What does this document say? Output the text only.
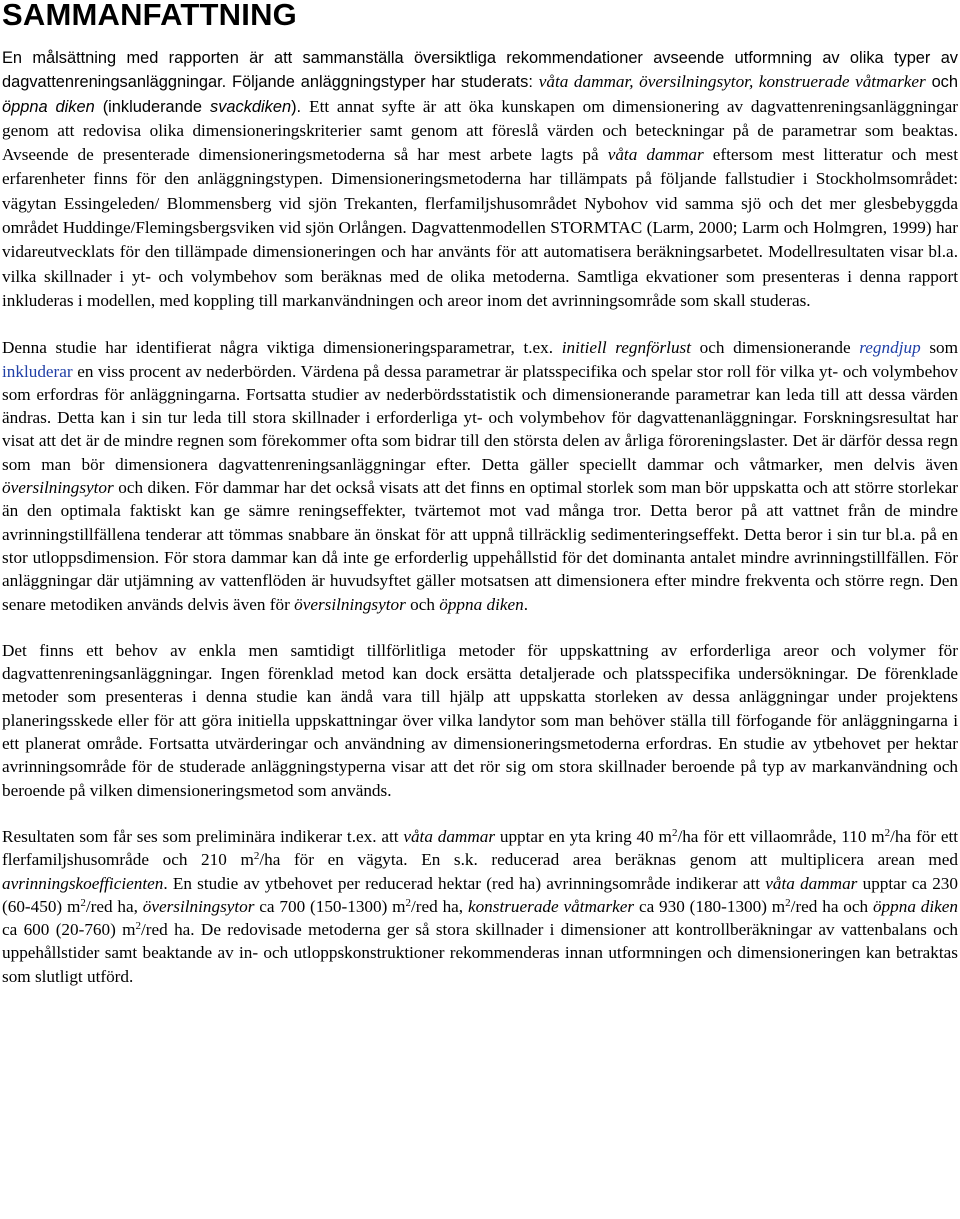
SAMMANFATTNING

En målsättning med rapporten är att sammanställa översiktliga rekommendationer avseende utformning av olika typer av dagvattenreningsanläggningar. Följande anläggningstyper har studerats: våta dammar, översilningsytor, konstruerade våtmarker och öppna diken (inkluderande svackdiken). Ett annat syfte är att öka kunskapen om dimensionering av dagvattenreningsanläggningar genom att redovisa olika dimensioneringskriterier samt genom att föreslå värden och beteckningar på de parametrar som beaktas. Avseende de presenterade dimensioneringsmetoderna så har mest arbete lagts på våta dammar eftersom mest litteratur och mest erfarenheter finns för den anläggningstypen. Dimensioneringsmetoderna har tillämpats på följande fallstudier i Stockholmsområdet: vägytan Essingeleden/ Blommensberg vid sjön Trekanten, flerfamiljshusområdet Nybohov vid samma sjö och det mer glesbebyggda området Huddinge/Flemingsbergsviken vid sjön Orlången. Dagvattenmodellen STORMTAC (Larm, 2000; Larm och Holmgren, 1999) har vidareutvecklats för den tillämpade dimensioneringen och har använts för att automatisera beräkningsarbetet. Modellresultaten visar bl.a. vilka skillnader i yt- och volymbehov som beräknas med de olika metoderna. Samtliga ekvationer som presenteras i denna rapport inkluderas i modellen, med koppling till markanvändningen och areor inom det avrinningsområde som skall studeras.

Denna studie har identifierat några viktiga dimensioneringsparametrar, t.ex. initiell regnförlust och dimensionerande regndjup som inkluderar en viss procent av nederbörden. Värdena på dessa parametrar är platsspecifika och spelar stor roll för vilka yt- och volymbehov som erfordras för anläggningarna. Fortsatta studier av nederbördsstatistik och dimensionerande parametrar kan leda till att dessa värden ändras. Detta kan i sin tur leda till stora skillnader i erforderliga yt- och volymbehov för dagvattenanläggningar. Forskningsresultat har visat att det är de mindre regnen som förekommer ofta som bidrar till den största delen av årliga föroreningslaster. Det är därför dessa regn som man bör dimensionera dagvattenreningsanläggningar efter. Detta gäller speciellt dammar och våtmarker, men delvis även översilningsytor och diken. För dammar har det också visats att det finns en optimal storlek som man bör uppskatta och att större storlekar än den optimala faktiskt kan ge sämre reningseffekter, tvärtemot mot vad många tror. Detta beror på att vattnet från de mindre avrinningstillfällena tenderar att tömmas snabbare än önskat för att uppnå tillräcklig sedimenteringseffekt. Detta beror i sin tur bl.a. på en stor utloppsdimension. För stora dammar kan då inte ge erforderlig uppehållstid för det dominanta antalet mindre avrinningstillfällen. För anläggningar där utjämning av vattenflöden är huvudsyftet gäller motsatsen att dimensionera efter mindre frekventa och större regn. Den senare metodiken används delvis även för översilningsytor och öppna diken.

Det finns ett behov av enkla men samtidigt tillförlitliga metoder för uppskattning av erforderliga areor och volymer för dagvattenreningsanläggningar. Ingen förenklad metod kan dock ersätta detaljerade och platsspecifika undersökningar. De förenklade metoder som presenteras i denna studie kan ändå vara till hjälp att uppskatta storleken av dessa anläggningar under projektens planeringsskede eller för att göra initiella uppskattningar över vilka landytor som man behöver ställa till förfogande för anläggningarna i ett planerat område. Fortsatta utvärderingar och användning av dimensioneringsmetoderna erfordras. En studie av ytbehovet per hektar avrinningsområde för de studerade anläggningstyperna visar att det rör sig om stora skillnader beroende på typ av markanvändning och beroende på vilken dimensioneringsmetod som används.

Resultaten som får ses som preliminära indikerar t.ex. att våta dammar upptar en yta kring 40 $m^2/ha$ för ett villaområde, 110 $m^2/ha$ för ett flerfamiljshusområde och 210 $m^2/ha$ för en vägyta. En s.k. reducerad area beräknas genom att multiplicera arean med avrinningskoefficienten. En studie av ytbehovet per reducerad hektar (red ha) avrinningsområde indikerar att våta dammar upptar ca 230 (60-450) $m^2$/red ha, översilningsytor ca 700 (150-1300) $m^2$/red ha, konstruerade våtmarker ca 930 (180-1300) $m^2$/red ha och öppna diken ca 600 (20-760) $m^2$/red ha. De redovisade metoderna ger så stora skillnader i dimensioner att kontrollberäkningar av vattenbalans och uppehållstider samt beaktande av in- och utloppskonstruktioner rekommenderas innan utformningen och dimensioneringen kan betraktas som slutligt utförd.
